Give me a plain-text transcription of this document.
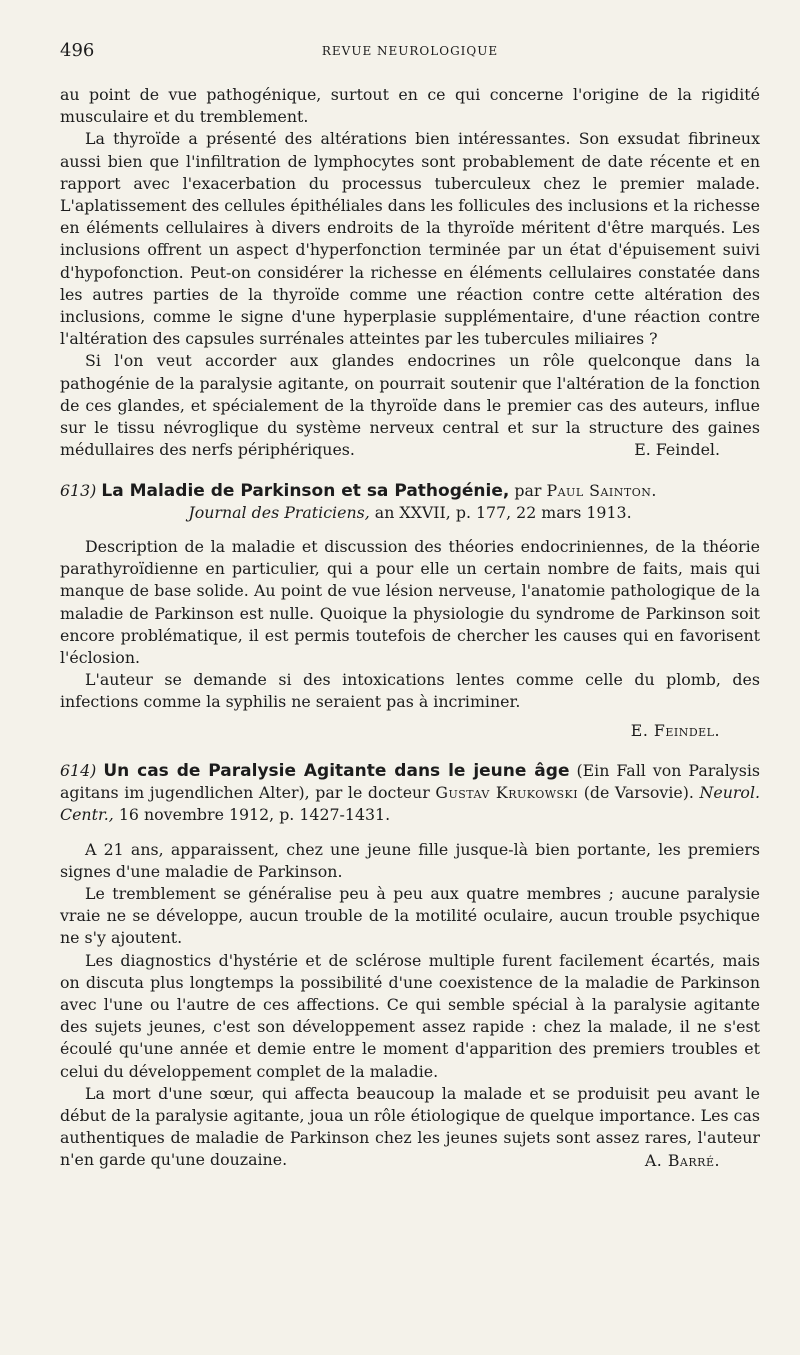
496	REVUE NEUROLOGIQUE

au point de vue pathogénique, surtout en ce qui concerne l'origine de la rigidité musculaire et du tremblement.

La thyroïde a présenté des altérations bien intéressantes. Son exsudat fibrineux aussi bien que l'infiltration de lymphocytes sont probablement de date récente et en rapport avec l'exacerbation du processus tuberculeux chez le premier malade. L'aplatissement des cellules épithéliales dans les follicules des inclusions et la richesse en éléments cellulaires à divers endroits de la thyroïde méritent d'être marqués. Les inclusions offrent un aspect d'hyperfonction terminée par un état d'épuisement suivi d'hypofonction. Peut-on considérer la richesse en éléments cellulaires constatée dans les autres parties de la thyroïde comme une réaction contre cette altération des inclusions, comme le signe d'une hyperplasie supplémentaire, d'une réaction contre l'altération des capsules surrénales atteintes par les tubercules miliaires ?

Si l'on veut accorder aux glandes endocrines un rôle quelconque dans la pathogénie de la paralysie agitante, on pourrait soutenir que l'altération de la fonction de ces glandes, et spécialement de la thyroïde dans le premier cas des auteurs, influe sur le tissu névroglique du système nerveux central et sur la structure des gaines médullaires des nerfs périphériques.	E. Feindel.
613) La Maladie de Parkinson et sa Pathogénie, par Paul Sainton.
Journal des Praticiens, an XXVII, p. 177, 22 mars 1913.

Description de la maladie et discussion des théories endocriniennes, de la théorie parathyroïdienne en particulier, qui a pour elle un certain nombre de faits, mais qui manque de base solide. Au point de vue lésion nerveuse, l'anatomie pathologique de la maladie de Parkinson est nulle. Quoique la physiologie du syndrome de Parkinson soit encore problématique, il est permis toutefois de chercher les causes qui en favorisent l'éclosion.

L'auteur se demande si des intoxications lentes comme celle du plomb, des infections comme la syphilis ne seraient pas à incriminer.

E. Feindel.
614) Un cas de Paralysie Agitante dans le jeune âge (Ein Fall von Paralysis agitans im jugendlichen Alter), par le docteur Gustav Krukowski (de Varsovie). Neurol. Centr., 16 novembre 1912, p. 1427-1431.

A 21 ans, apparaissent, chez une jeune fille jusque-là bien portante, les premiers signes d'une maladie de Parkinson.

Le tremblement se généralise peu à peu aux quatre membres ; aucune paralysie vraie ne se développe, aucun trouble de la motilité oculaire, aucun trouble psychique ne s'y ajoutent.

Les diagnostics d'hystérie et de sclérose multiple furent facilement écartés, mais on discuta plus longtemps la possibilité d'une coexistence de la maladie de Parkinson avec l'une ou l'autre de ces affections. Ce qui semble spécial à la paralysie agitante des sujets jeunes, c'est son développement assez rapide : chez la malade, il ne s'est écoulé qu'une année et demie entre le moment d'apparition des premiers troubles et celui du développement complet de la maladie.

La mort d'une sœur, qui affecta beaucoup la malade et se produisit peu avant le début de la paralysie agitante, joua un rôle étiologique de quelque importance. Les cas authentiques de maladie de Parkinson chez les jeunes sujets sont assez rares, l'auteur n'en garde qu'une douzaine.	A. Barré.
